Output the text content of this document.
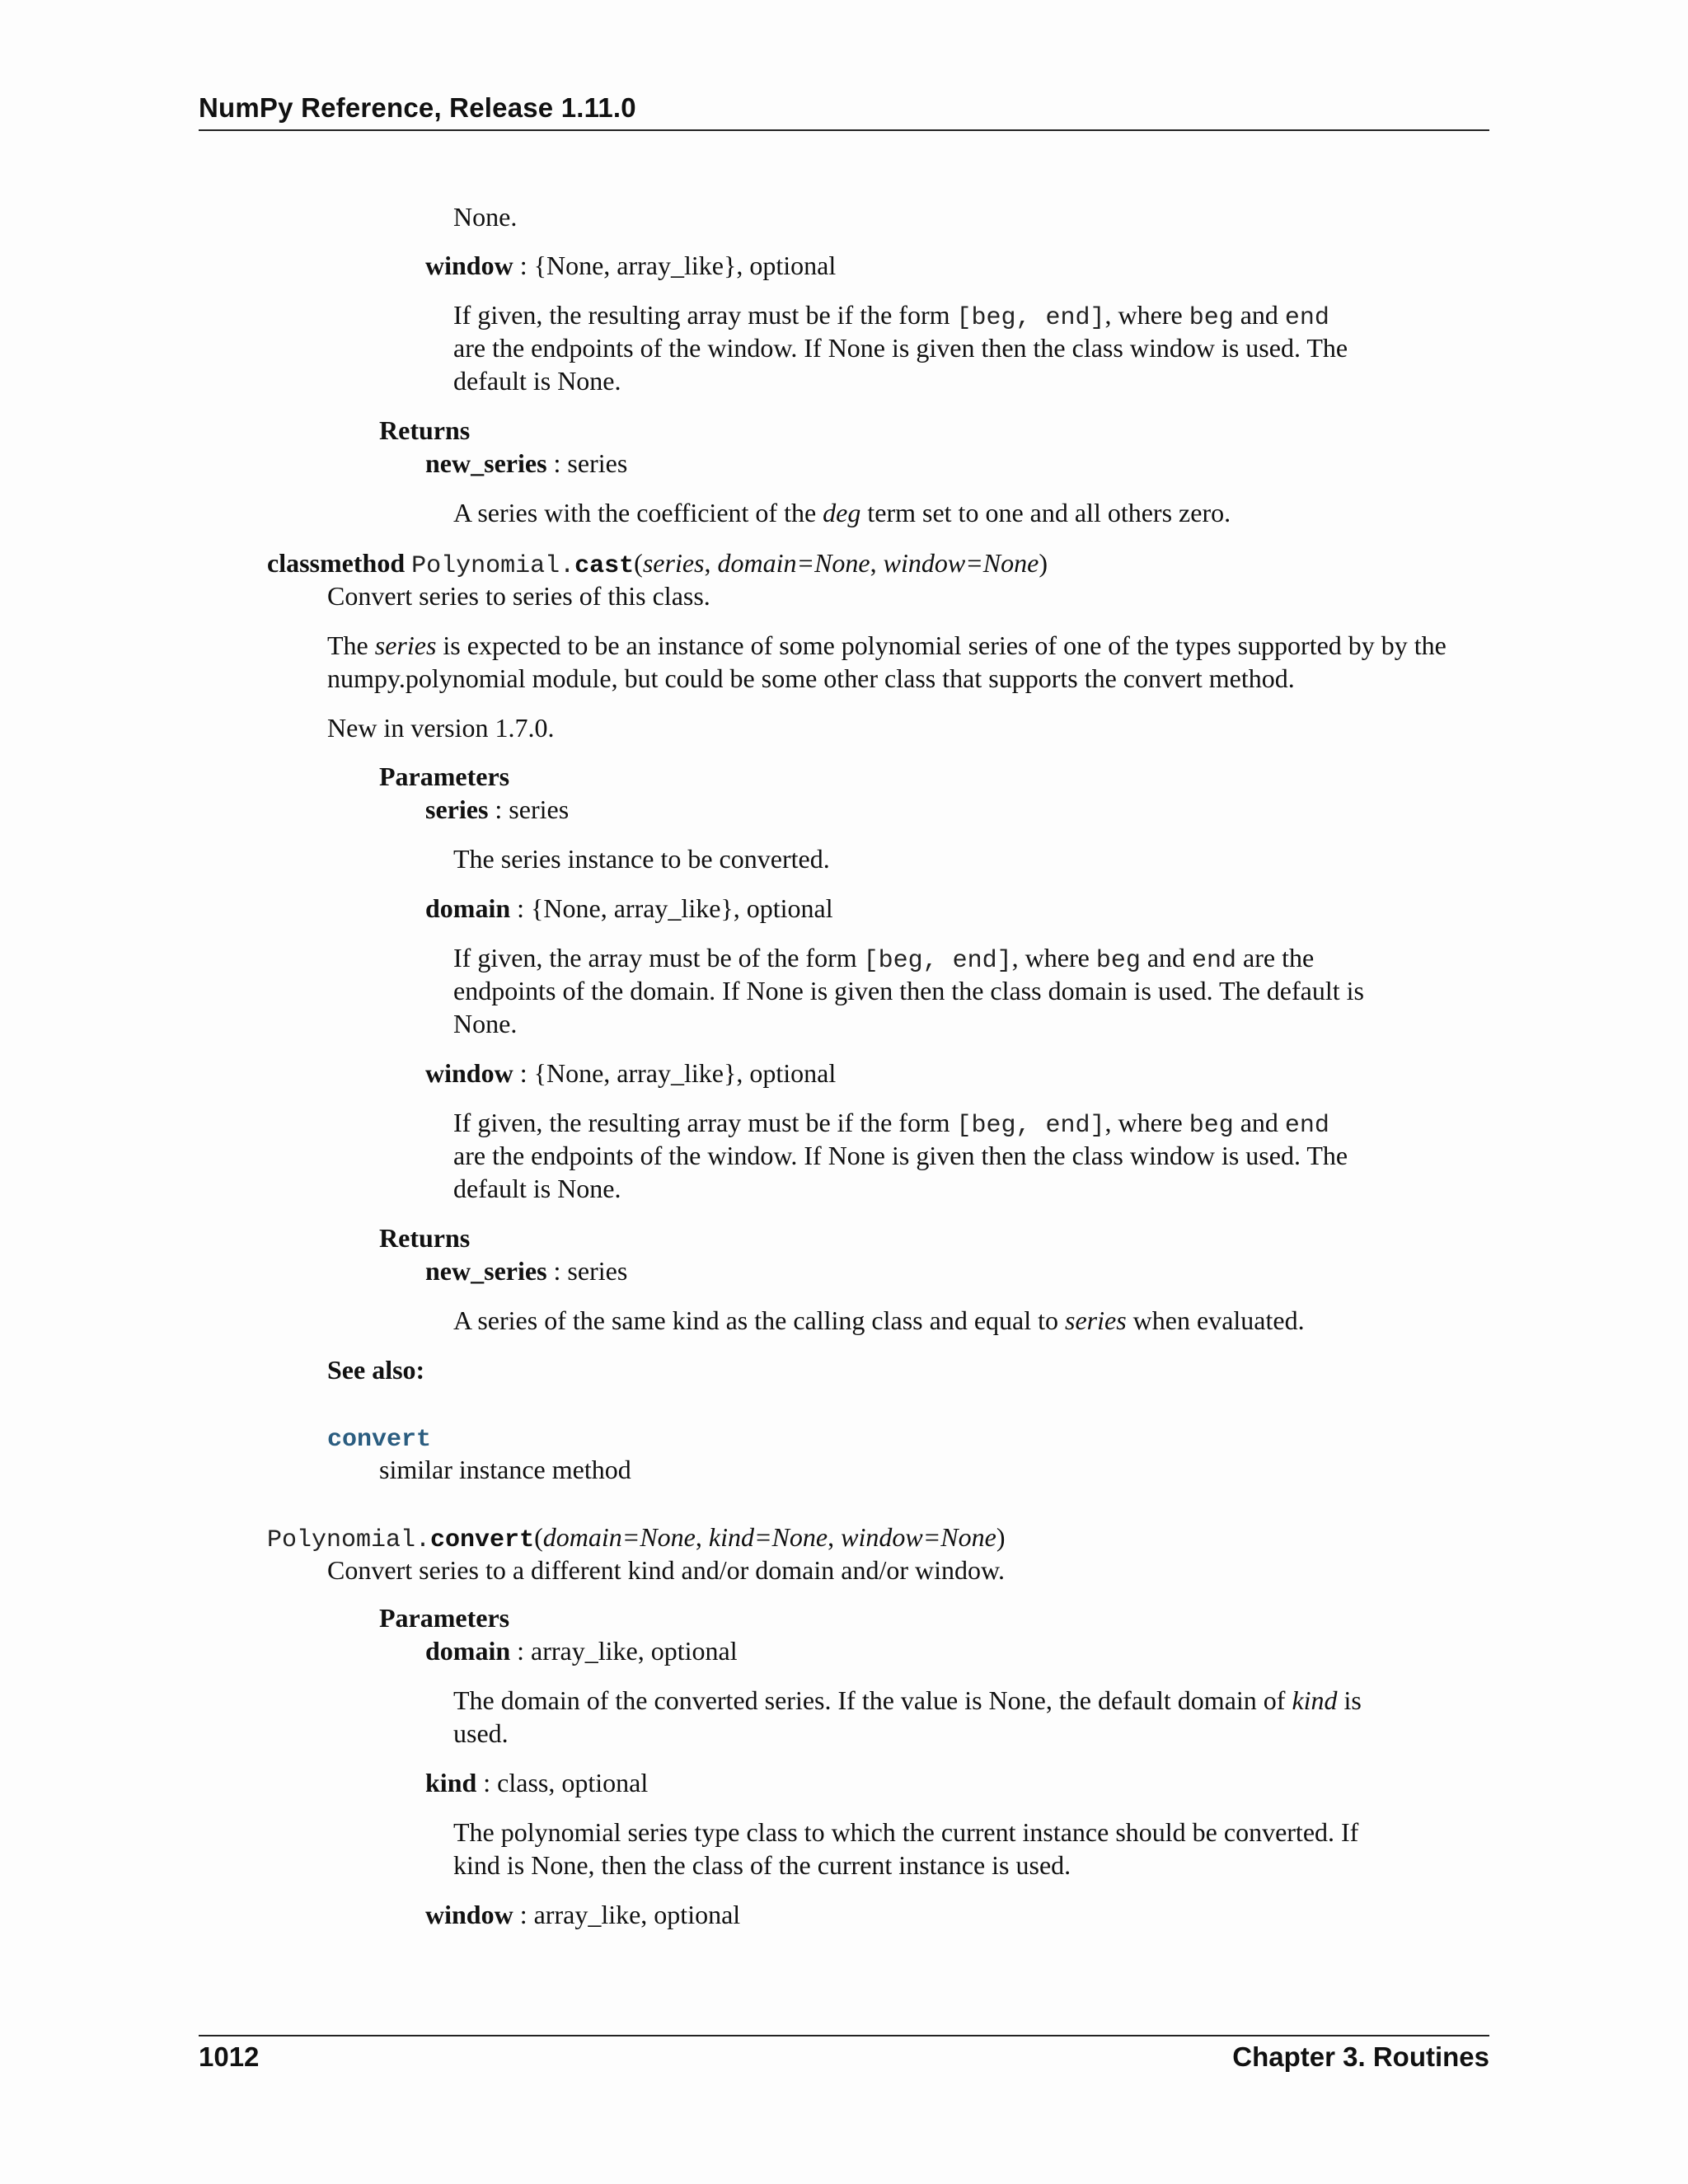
NumPy Reference, Release 1.11.0
None.
window : {None, array_like}, optional
If given, the resulting array must be if the form [beg, end], where beg and end
are the endpoints of the window. If None is given then the class window is used. The
default is None.
Returns
new_series : series
A series with the coefficient of the deg term set to one and all others zero.
classmethod Polynomial.cast(series, domain=None, window=None)
Convert series to series of this class.
The series is expected to be an instance of some polynomial series of one of the types supported by by the
numpy.polynomial module, but could be some other class that supports the convert method.
New in version 1.7.0.
Parameters
series : series
The series instance to be converted.
domain : {None, array_like}, optional
If given, the array must be of the form [beg, end], where beg and end are the
endpoints of the domain. If None is given then the class domain is used. The default is
None.
window : {None, array_like}, optional
If given, the resulting array must be if the form [beg, end], where beg and end
are the endpoints of the window. If None is given then the class window is used. The
default is None.
Returns
new_series : series
A series of the same kind as the calling class and equal to series when evaluated.
See also:
convert
similar instance method
Polynomial.convert(domain=None, kind=None, window=None)
Convert series to a different kind and/or domain and/or window.
Parameters
domain : array_like, optional
The domain of the converted series. If the value is None, the default domain of kind is
used.
kind : class, optional
The polynomial series type class to which the current instance should be converted. If
kind is None, then the class of the current instance is used.
window : array_like, optional
1012	Chapter 3. Routines
